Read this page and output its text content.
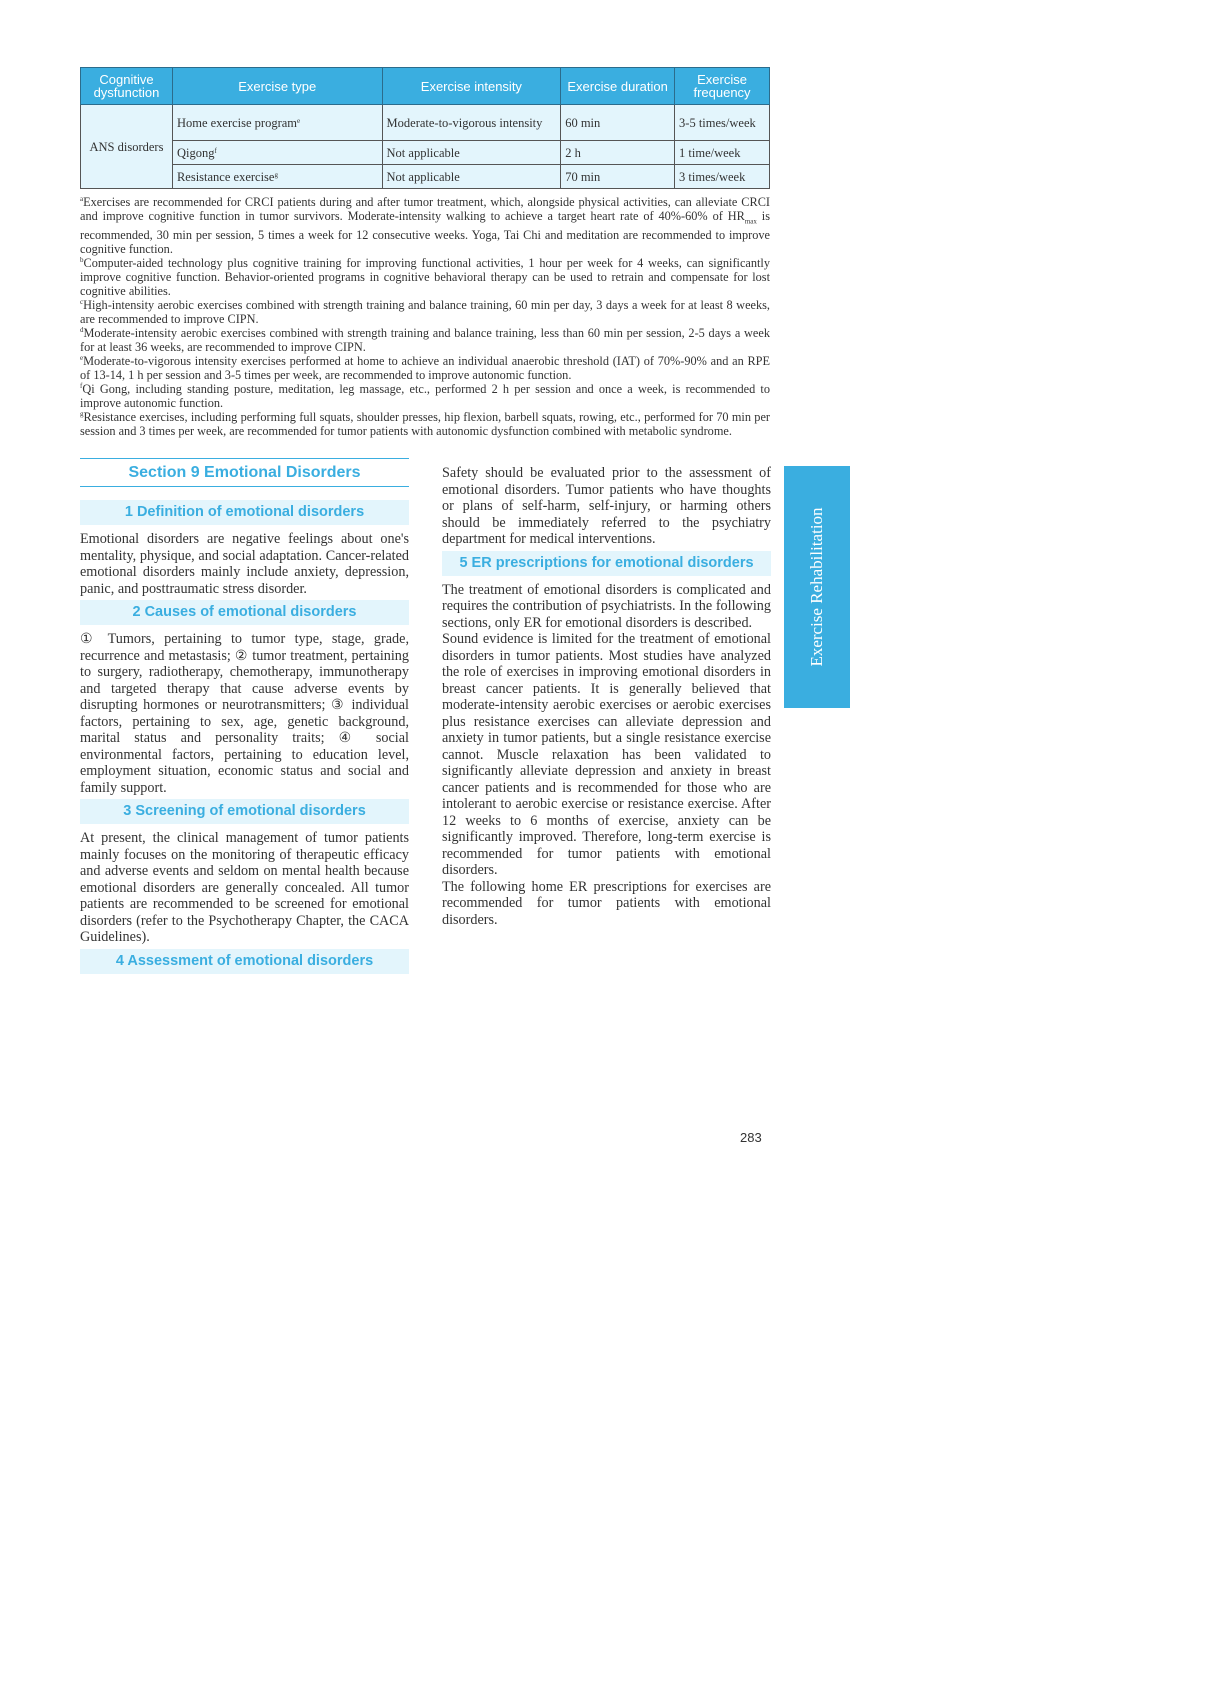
Cognitive dysfunction	Exercise type	Exercise intensity	Exercise duration	Exercise frequency
ANS disorders	Home exercise program$^e$	Moderate-to-vigorous intensity	60 min	3-5 times/week
	Qigong$^f$	Not applicable	2 h	1 time/week
	Resistance exercise$^g$	Not applicable	70 min	3 times/week

$^a$Exercises are recommended for CRCI patients during and after tumor treatment, which, alongside physical activities, can alleviate CRCI and improve cognitive function in tumor survivors. Moderate-intensity walking to achieve a target heart rate of 40%-60% of $HR_{max}$ is recommended, 30 min per session, 5 times a week for 12 consecutive weeks. Yoga, Tai Chi and meditation are recommended to improve cognitive function.

$^b$Computer-aided technology plus cognitive training for improving functional activities, 1 hour per week for 4 weeks, can significantly improve cognitive function. Behavior-oriented programs in cognitive behavioral therapy can be used to retrain and compensate for lost cognitive abilities.

$^c$High-intensity aerobic exercises combined with strength training and balance training, 60 min per day, 3 days a week for at least 8 weeks, are recommended to improve CIPN.

$^d$Moderate-intensity aerobic exercises combined with strength training and balance training, less than 60 min per session, 2-5 days a week for at least 36 weeks, are recommended to improve CIPN.

$^e$Moderate-to-vigorous intensity exercises performed at home to achieve an individual anaerobic threshold (IAT) of 70%-90% and an RPE of 13-14, 1 h per session and 3-5 times per week, are recommended to improve autonomic function.

$^f$Qi Gong, including standing posture, meditation, leg massage, etc., performed 2 h per session and once a week, is recommended to improve autonomic function.

$^g$Resistance exercises, including performing full squats, shoulder presses, hip flexion, barbell squats, rowing, etc., performed for 70 min per session and 3 times per week, are recommended for tumor patients with autonomic dysfunction combined with metabolic syndrome.

Section 9 Emotional Disorders
1 Definition of emotional disorders

Emotional disorders are negative feelings about one's mentality, physique, and social adaptation. Cancer-related emotional disorders mainly include anxiety, depression, panic, and posttraumatic stress disorder.

2 Causes of emotional disorders

① Tumors, pertaining to tumor type, stage, grade, recurrence and metastasis; ② tumor treatment, pertaining to surgery, radiotherapy, chemotherapy, immunotherapy and targeted therapy that cause adverse events by disrupting hormones or neurotransmitters; ③ individual factors, pertaining to sex, age, genetic background, marital status and personality traits; ④ social environmental factors, pertaining to education level, employment situation, economic status and social and family support.

3 Screening of emotional disorders

At present, the clinical management of tumor patients mainly focuses on the monitoring of therapeutic efficacy and adverse events and seldom on mental health because emotional disorders are generally concealed. All tumor patients are recommended to be screened for emotional disorders (refer to the Psychotherapy Chapter, the CACA Guidelines).

4 Assessment of emotional disorders

Safety should be evaluated prior to the assessment of emotional disorders. Tumor patients who have thoughts or plans of self-harm, self-injury, or harming others should be immediately referred to the psychiatry department for medical interventions.

5 ER prescriptions for emotional disorders

The treatment of emotional disorders is complicated and requires the contribution of psychiatrists. In the following sections, only ER for emotional disorders is described.

Sound evidence is limited for the treatment of emotional disorders in tumor patients. Most studies have analyzed the role of exercises in improving emotional disorders in breast cancer patients. It is generally believed that moderate-intensity aerobic exercises or aerobic exercises plus resistance exercises can alleviate depression and anxiety in tumor patients, but a single resistance exercise cannot. Muscle relaxation has been validated to significantly alleviate depression and anxiety in breast cancer patients and is recommended for those who are intolerant to aerobic exercise or resistance exercise. After 12 weeks to 6 months of exercise, anxiety can be significantly improved. Therefore, long-term exercise is recommended for tumor patients with emotional disorders.

The following home ER prescriptions for exercises are recommended for tumor patients with emotional disorders.

Exercise Rehabilitation
283
